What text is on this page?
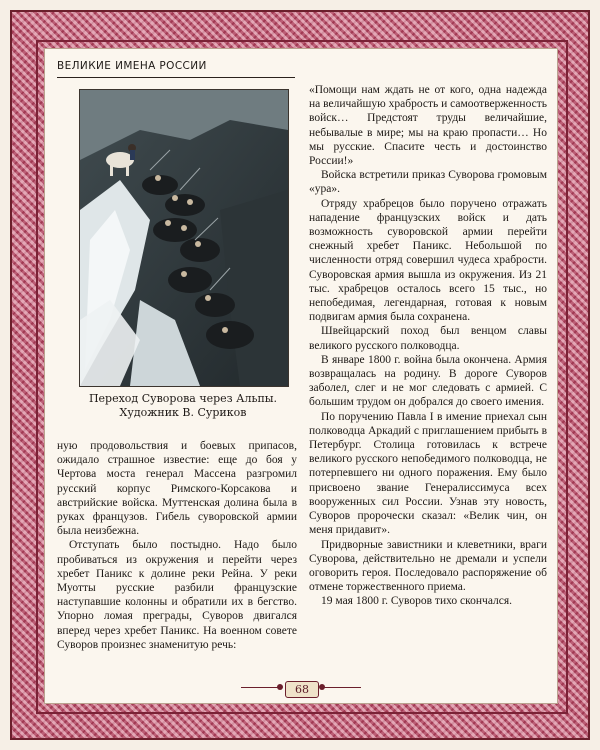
ВЕЛИКИЕ ИМЕНА РОССИИ
Переход Суворова через Альпы.
Художник В. Суриков

ную продовольствия и боевых припасов, ожидало страшное известие: еще до боя у Чертова моста генерал Массена разгромил русский корпус Римского-Корсакова и австрийские войска. Муттенская долина была в руках французов. Гибель суворовской армии была неизбежна.

Отступать было постыдно. Надо было пробиваться из окружения и перейти через хребет Паникс к долине реки Рейна. У реки Муотты русские разбили французские наступавшие колонны и обратили их в бегство. Упорно ломая преграды, Суворов двигался вперед через хребет Паникс. На военном совете Суворов произнес знаменитую речь:

«Помощи нам ждать не от кого, одна надежда на величайшую храбрость и самоотверженность войск… Предстоят труды величайшие, небывалые в мире; мы на краю пропасти… Но мы русские. Спасите честь и достоинство России!»

Войска встретили приказ Суворова громовым «ура».

Отряду храбрецов было поручено отражать нападение французских войск и дать возможность суворовской армии перейти снежный хребет Паникс. Небольшой по численности отряд совершил чудеса храбрости. Суворовская армия вышла из окружения. Из 21 тыс. храбрецов осталось всего 15 тыс., но непобедимая, легендарная, готовая к новым подвигам армия была сохранена.

Швейцарский поход был венцом славы великого русского полководца.

В январе 1800 г. война была окончена. Армия возвращалась на родину. В дороге Суворов заболел, слег и не мог следовать с армией. С большим трудом он добрался до своего имения.

По поручению Павла I в имение приехал сын полководца Аркадий с приглашением прибыть в Петербург. Столица готовилась к встрече великого русского непобедимого полководца, не потерпевшего ни одного поражения. Ему было присвоено звание Генералиссимуса всех вооруженных сил России. Узнав эту новость, Суворов пророчески сказал: «Велик чин, он меня придавит».

Придворные завистники и клеветники, враги Суворова, действительно не дремали и успели оговорить героя. Последовало распоряжение об отмене торжественного приема.

19 мая 1800 г. Суворов тихо скончался.

68
